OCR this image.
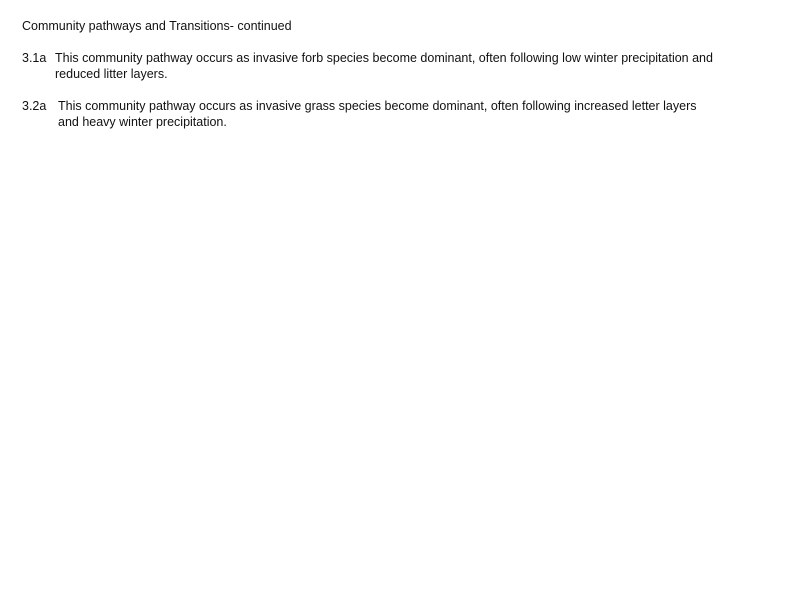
Community pathways and Transitions- continued
3.1a This community pathway occurs as invasive forb species become dominant, often following low winter precipitation and reduced litter layers.
3.2a This community pathway occurs as invasive grass species become dominant, often following increased letter layers and heavy winter precipitation.
